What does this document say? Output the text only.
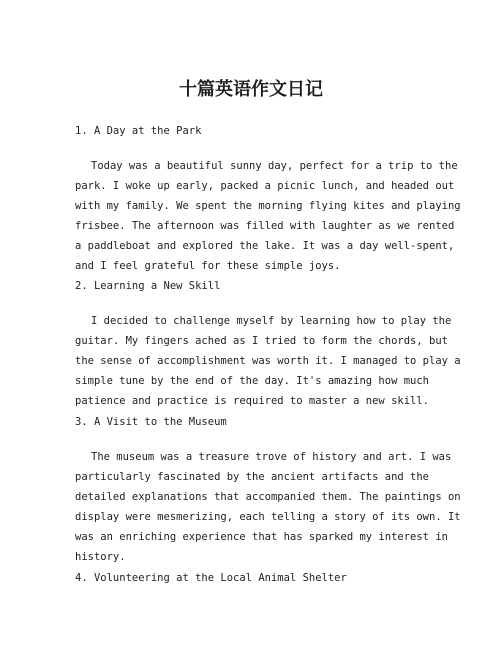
十篇英语作文日记
1. A Day at the Park
Today was a beautiful sunny day, perfect for a trip to the
park. I woke up early, packed a picnic lunch, and headed out
with my family. We spent the morning flying kites and playing
frisbee. The afternoon was filled with laughter as we rented
a paddleboat and explored the lake. It was a day well-spent,
and I feel grateful for these simple joys.
2. Learning a New Skill
I decided to challenge myself by learning how to play the
guitar. My fingers ached as I tried to form the chords, but
the sense of accomplishment was worth it. I managed to play a
simple tune by the end of the day. It's amazing how much
patience and practice is required to master a new skill.
3. A Visit to the Museum
The museum was a treasure trove of history and art. I was
particularly fascinated by the ancient artifacts and the
detailed explanations that accompanied them. The paintings on
display were mesmerizing, each telling a story of its own. It
was an enriching experience that has sparked my interest in
history.
4. Volunteering at the Local Animal Shelter
